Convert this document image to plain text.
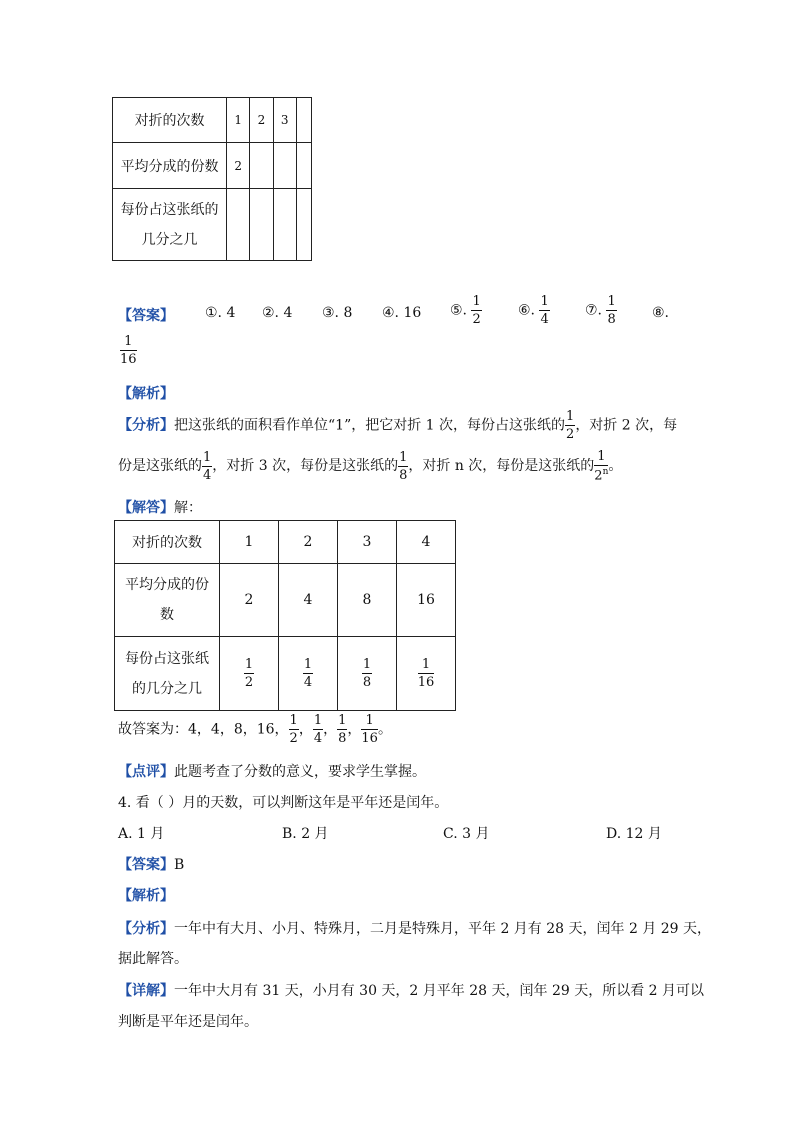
对折的次数	1	2	3	
平均分成的份数	2			
每份占这张纸的
几分之几				
【答案】 ①. 4 ②. 4 ③. 8 ④. 16 ⑤. $\frac{1}{2}$	⑥. $\frac{1}{4}$	⑦. $\frac{1}{8}$	⑧.
$\frac{1}{16}$
【解析】
【分析】把这张纸的面积看作单位“1”，把它对折 1 次，每份占这张纸的 $\frac{1}{2}$ ，对折 2 次，每
份是这张纸的 $\frac{1}{4}$ ，对折 3 次，每份是这张纸的 $\frac{1}{8}$ ，对折 n 次，每份是这张纸的 $\frac{1}{2^n}$ 。
【解答】解：
对折的次数	1	2	3	4
平均分成的份
数	2	4	8	16
每份占这张纸
的几分之几	$\frac{1}{2}$	$\frac{1}{4}$	$\frac{1}{8}$	$\frac{1}{16}$
故答案为：4，4，8，16， $\frac{1}{2}$ ， $\frac{1}{4}$ ， $\frac{1}{8}$ ， $\frac{1}{16}$ 。
【点评】此题考查了分数的意义，要求学生掌握。
4. 看（ ）月的天数，可以判断这年是平年还是闰年。
A. 1 月	B. 2 月	C. 3 月	D. 12 月
【答案】B
【解析】
【分析】一年中有大月、小月、特殊月，二月是特殊月，平年 2 月有 28 天，闰年 2 月 29 天，
据此解答。
【详解】一年中大月有 31 天，小月有 30 天，2 月平年 28 天，闰年 29 天，所以看 2 月可以
判断是平年还是闰年。
